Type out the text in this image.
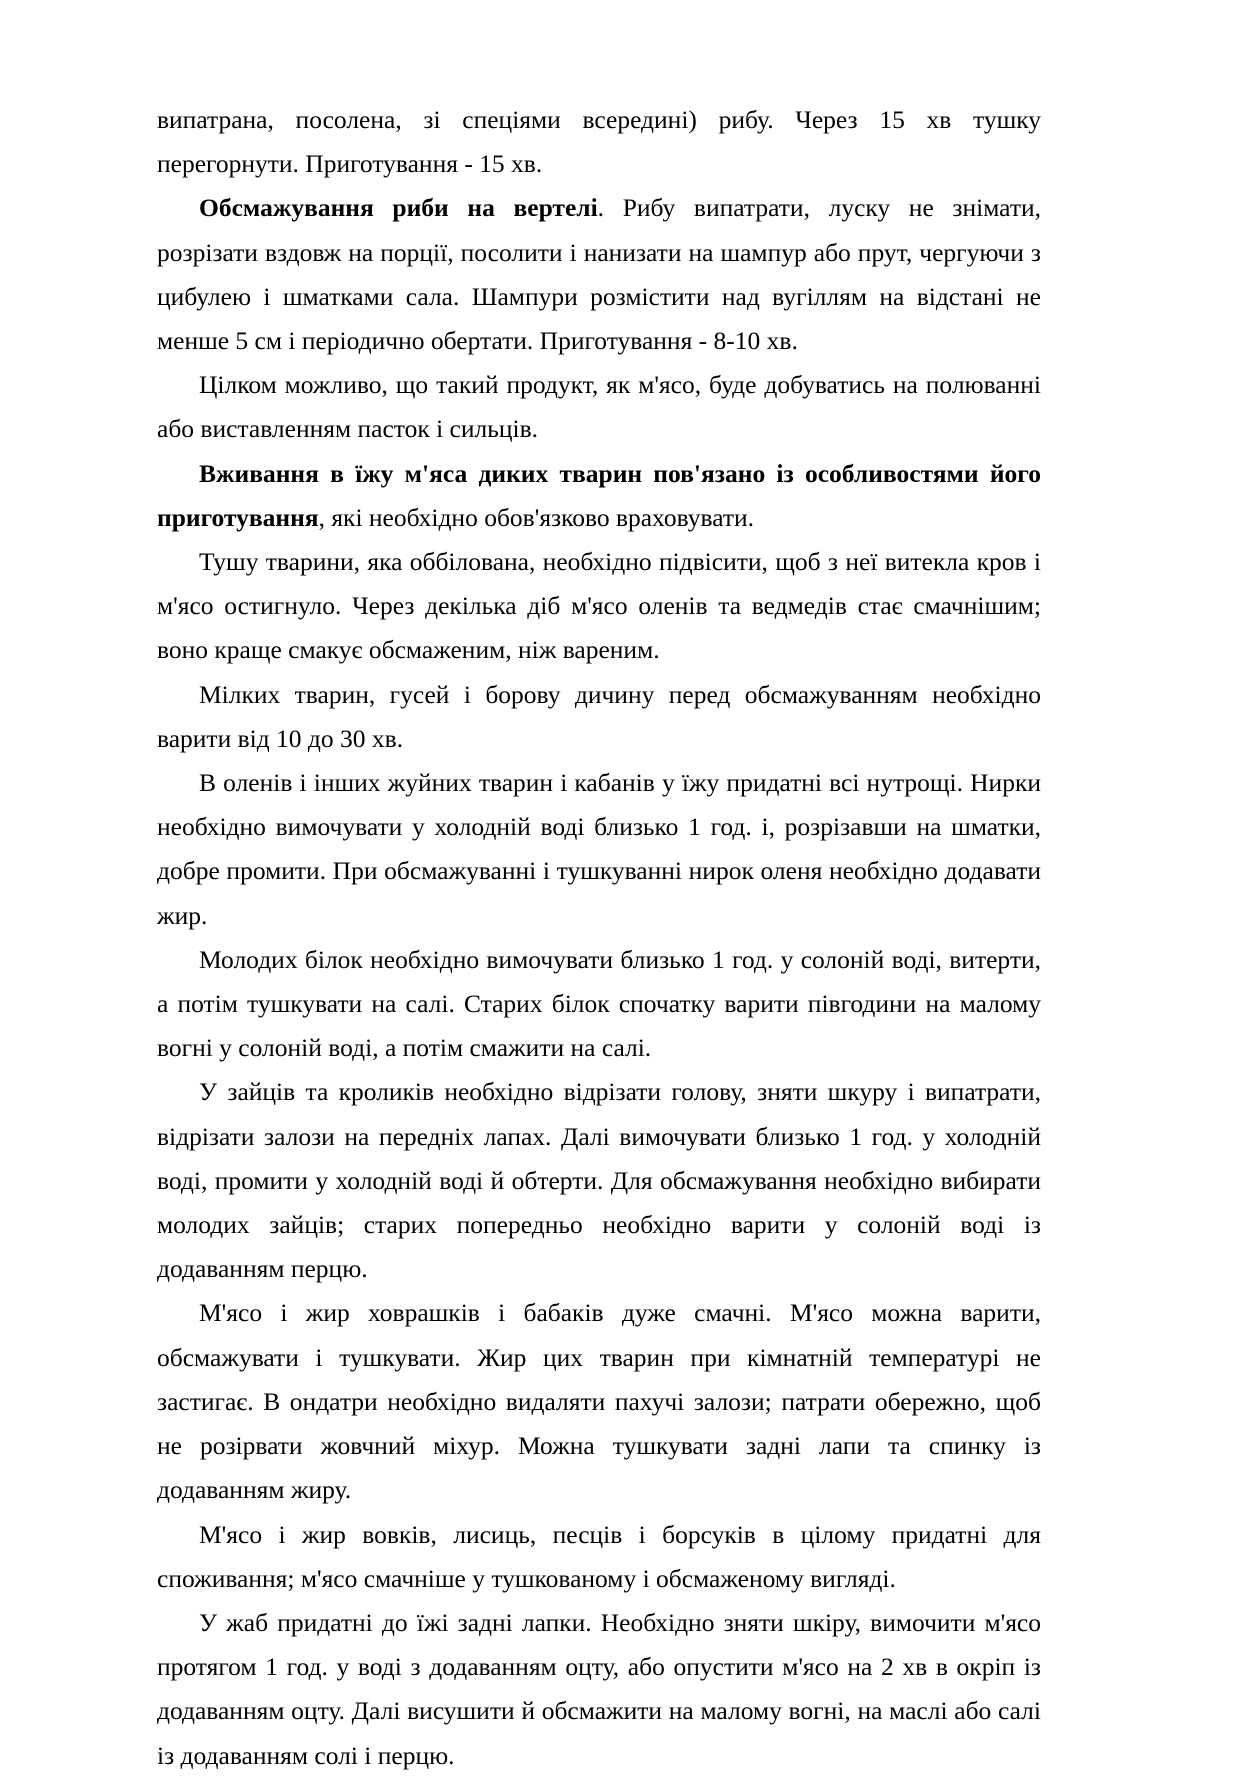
випатрана, посолена, зі спеціями всередині) рибу. Через 15 хв тушку перегорнути. Приготування - 15 хв.

Обсмажування риби на вертелі. Рибу випатрати, луску не знімати, розрізати вздовж на порції, посолити і нанизати на шампур або прут, чергуючи з цибулею і шматками сала. Шампури розмістити над вугіллям на відстані не менше 5 см і періодично обертати. Приготування - 8-10 хв.

Цілком можливо, що такий продукт, як м'ясо, буде добуватись на полюванні або виставленням пасток і сильців.

Вживання в їжу м'яса диких тварин пов'язано із особливостями його приготування, які необхідно обов'язково враховувати.

Тушу тварини, яка оббілована, необхідно підвісити, щоб з неї витекла кров і м'ясо остигнуло. Через декілька діб м'ясо оленів та ведмедів стає смачнішим; воно краще смакує обсмаженим, ніж вареним.

Мілких тварин, гусей і борову дичину перед обсмажуванням необхідно варити від 10 до 30 хв.

В оленів і інших жуйних тварин і кабанів у їжу придатні всі нутрощі. Нирки необхідно вимочувати у холодній воді близько 1 год. і, розрізавши на шматки, добре промити. При обсмажуванні і тушкуванні нирок оленя необхідно додавати жир.

Молодих білок необхідно вимочувати близько 1 год. у солоній воді, витерти, а потім тушкувати на салі. Старих білок спочатку варити півгодини на малому вогні у солоній воді, а потім смажити на салі.

У зайців та кроликів необхідно відрізати голову, зняти шкуру і випатрати, відрізати залози на передніх лапах. Далі вимочувати близько 1 год. у холодній воді, промити у холодній воді й обтерти. Для обсмажування необхідно вибирати молодих зайців; старих попередньо необхідно варити у солоній воді із додаванням перцю.

М'ясо і жир ховрашків і бабаків дуже смачні. М'ясо можна варити, обсмажувати і тушкувати. Жир цих тварин при кімнатній температурі не застигає. В ондатри необхідно видаляти пахучі залози; патрати обережно, щоб не розірвати жовчний міхур. Можна тушкувати задні лапи та спинку із додаванням жиру.

М'ясо і жир вовків, лисиць, песців і борсуків в цілому придатні для споживання; м'ясо смачніше у тушкованому і обсмаженому вигляді.

У жаб придатні до їжі задні лапки. Необхідно зняти шкіру, вимочити м'ясо протягом 1 год. у воді з додаванням оцту, або опустити м'ясо на 2 хв в окріп із додаванням оцту. Далі висушити й обсмажити на малому вогні, на маслі або салі із додаванням солі і перцю.
